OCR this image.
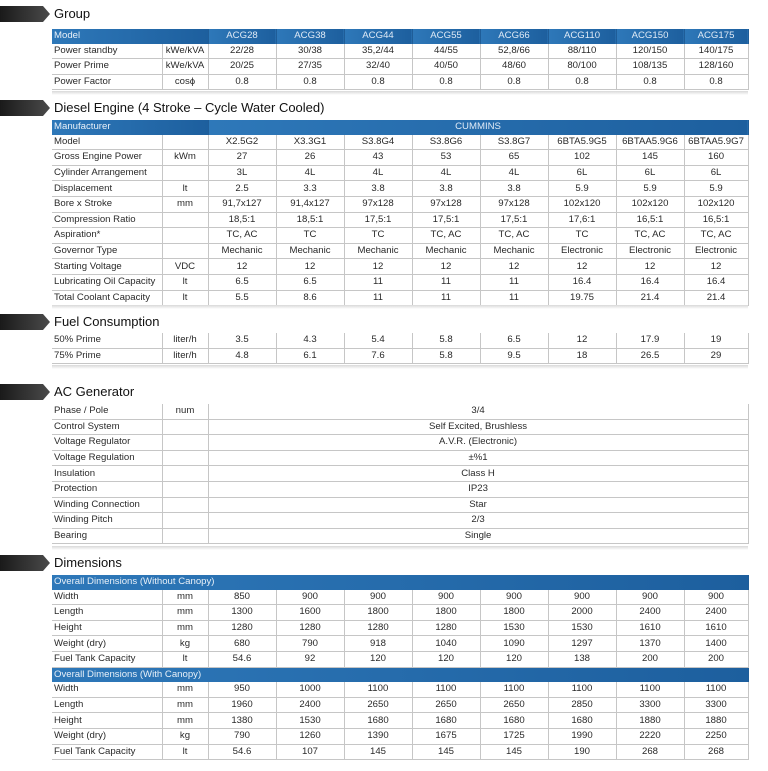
Group
Diesel Engine (4 Stroke – Cycle Water Cooled)
Fuel Consumption
AC Generator
Dimensions
Model		ACG28	ACG38	ACG44	ACG55	ACG66	ACG110	ACG150	ACG175
Power standby	kWe/kVA	22/28	30/38	35,2/44	44/55	52,8/66	88/110	120/150	140/175
Power Prime	kWe/kVA	20/25	27/35	32/40	40/50	48/60	80/100	108/135	128/160
Power Factor	cosϕ	0.8	0.8	0.8	0.8	0.8	0.8	0.8	0.8
Manufacturer		CUMMINS							
Model		X2.5G2	X3.3G1	S3.8G4	S3.8G6	S3.8G7	6BTA5.9G5	6BTAA5.9G6	6BTAA5.9G7
Gross Engine Power	kWm	27	26	43	53	65	102	145	160
Cylinder Arrangement		3L	4L	4L	4L	4L	6L	6L	6L
Displacement	lt	2.5	3.3	3.8	3.8	3.8	5.9	5.9	5.9
Bore x Stroke	mm	91,7x127	91,4x127	97x128	97x128	97x128	102x120	102x120	102x120
Compression Ratio		18,5:1	18,5:1	17,5:1	17,5:1	17,5:1	17,6:1	16,5:1	16,5:1
Aspiration*		TC, AC	TC	TC	TC, AC	TC, AC	TC	TC, AC	TC, AC
Governor Type		Mechanic	Mechanic	Mechanic	Mechanic	Mechanic	Electronic	Electronic	Electronic
Starting Voltage	VDC	12	12	12	12	12	12	12	12
Lubricating Oil Capacity	lt	6.5	6.5	11	11	11	16.4	16.4	16.4
Total Coolant Capacity	lt	5.5	8.6	11	11	11	19.75	21.4	21.4
50% Prime	liter/h	3.5	4.3	5.4	5.8	6.5	12	17.9	19
75% Prime	liter/h	4.8	6.1	7.6	5.8	9.5	18	26.5	29
Phase / Pole	num	3/4
Control System		Self Excited, Brushless
Voltage Regulator		A.V.R. (Electronic)
Voltage Regulation		±%1
Insulation		Class H
Protection		IP23
Winding Connection		Star
Winding Pitch		2/3
Bearing		Single
Overall Dimensions (Without Canopy)									
Width	mm	850	900	900	900	900	900	900	900
Length	mm	1300	1600	1800	1800	1800	2000	2400	2400
Height	mm	1280	1280	1280	1280	1530	1530	1610	1610
Weight (dry)	kg	680	790	918	1040	1090	1297	1370	1400
Fuel Tank Capacity	lt	54.6	92	120	120	120	138	200	200
Overall Dimensions (With Canopy)									
Width	mm	950	1000	1100	1100	1100	1100	1100	1100
Length	mm	1960	2400	2650	2650	2650	2850	3300	3300
Height	mm	1380	1530	1680	1680	1680	1680	1880	1880
Weight (dry)	kg	790	1260	1390	1675	1725	1990	2220	2250
Fuel Tank Capacity	lt	54.6	107	145	145	145	190	268	268
